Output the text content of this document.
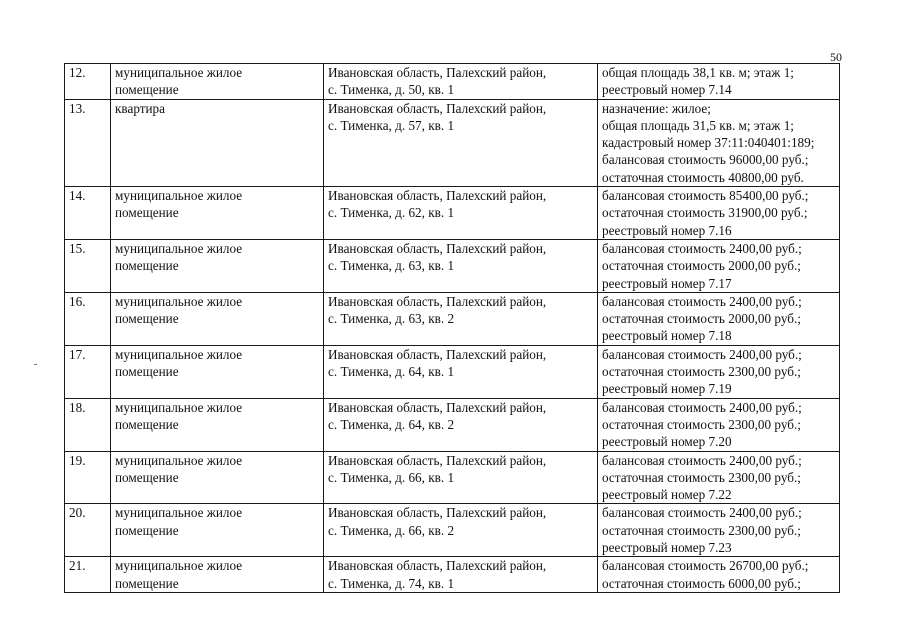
50
12.	муниципальное жилое
помещение	Ивановская область, Палехский район,
с. Тименка, д. 50, кв. 1	общая площадь 38,1 кв. м; этаж 1;
реестровый номер 7.14

13.	квартира	Ивановская область, Палехский район,
с. Тименка, д. 57, кв. 1	назначение: жилое;
общая площадь 31,5 кв. м; этаж 1;
кадастровый номер 37:11:040401:189;
балансовая стоимость 96000,00 руб.;
остаточная стоимость 40800,00 руб.

14.	муниципальное жилое
помещение	Ивановская область, Палехский район,
с. Тименка, д. 62, кв. 1	балансовая стоимость 85400,00 руб.;
остаточная стоимость 31900,00 руб.;
реестровый номер 7.16

15.	муниципальное жилое
помещение	Ивановская область, Палехский район,
с. Тименка, д. 63, кв. 1	балансовая стоимость 2400,00 руб.;
остаточная стоимость 2000,00 руб.;
реестровый номер 7.17

16.	муниципальное жилое
помещение	Ивановская область, Палехский район,
с. Тименка, д. 63, кв. 2	балансовая стоимость 2400,00 руб.;
остаточная стоимость 2000,00 руб.;
реестровый номер 7.18

17.	муниципальное жилое
помещение	Ивановская область, Палехский район,
с. Тименка, д. 64, кв. 1	балансовая стоимость 2400,00 руб.;
остаточная стоимость 2300,00 руб.;
реестровый номер 7.19

18.	муниципальное жилое
помещение	Ивановская область, Палехский район,
с. Тименка, д. 64, кв. 2	балансовая стоимость 2400,00 руб.;
остаточная стоимость 2300,00 руб.;
реестровый номер 7.20

19.	муниципальное жилое
помещение	Ивановская область, Палехский район,
с. Тименка, д. 66, кв. 1	балансовая стоимость 2400,00 руб.;
остаточная стоимость 2300,00 руб.;
реестровый номер 7.22

20.	муниципальное жилое
помещение	Ивановская область, Палехский район,
с. Тименка, д. 66, кв. 2	балансовая стоимость 2400,00 руб.;
остаточная стоимость 2300,00 руб.;
реестровый номер 7.23

21.	муниципальное жилое
помещение	Ивановская область, Палехский район,
с. Тименка, д. 74, кв. 1	балансовая стоимость 26700,00 руб.;
остаточная стоимость 6000,00 руб.;
